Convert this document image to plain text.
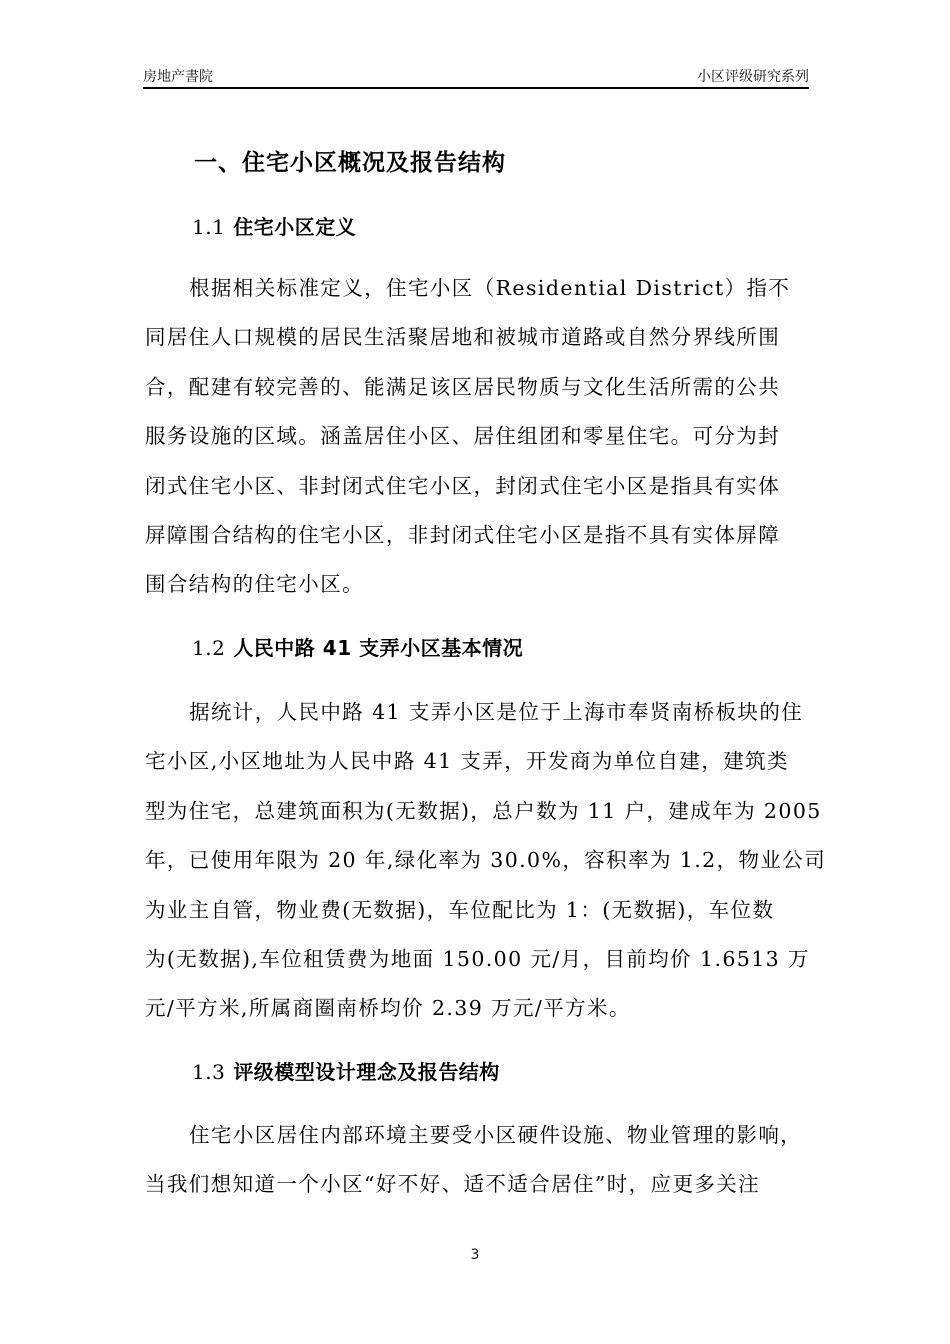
房地产書院	小区评级研究系列
一、住宅小区概况及报告结构
1.1 住宅小区定义
根据相关标准定义，住宅小区（Residential District）指不
同居住人口规模的居民生活聚居地和被城市道路或自然分界线所围
合，配建有较完善的、能满足该区居民物质与文化生活所需的公共
服务设施的区域。涵盖居住小区、居住组团和零星住宅。可分为封
闭式住宅小区、非封闭式住宅小区，封闭式住宅小区是指具有实体
屏障围合结构的住宅小区，非封闭式住宅小区是指不具有实体屏障
围合结构的住宅小区。
1.2 人民中路 41 支弄小区基本情况
据统计，人民中路 41 支弄小区是位于上海市奉贤南桥板块的住
宅小区,小区地址为人民中路 41 支弄，开发商为单位自建，建筑类
型为住宅，总建筑面积为(无数据)，总户数为 11 户，建成年为 2005
年，已使用年限为 20 年,绿化率为 30.0%，容积率为 1.2，物业公司
为业主自管，物业费(无数据)，车位配比为 1：(无数据)，车位数
为(无数据),车位租赁费为地面 150.00 元/月，目前均价 1.6513 万
元/平方米,所属商圈南桥均价 2.39 万元/平方米。
1.3 评级模型设计理念及报告结构
住宅小区居住内部环境主要受小区硬件设施、物业管理的影响，
当我们想知道一个小区“好不好、适不适合居住”时，应更多关注
3
